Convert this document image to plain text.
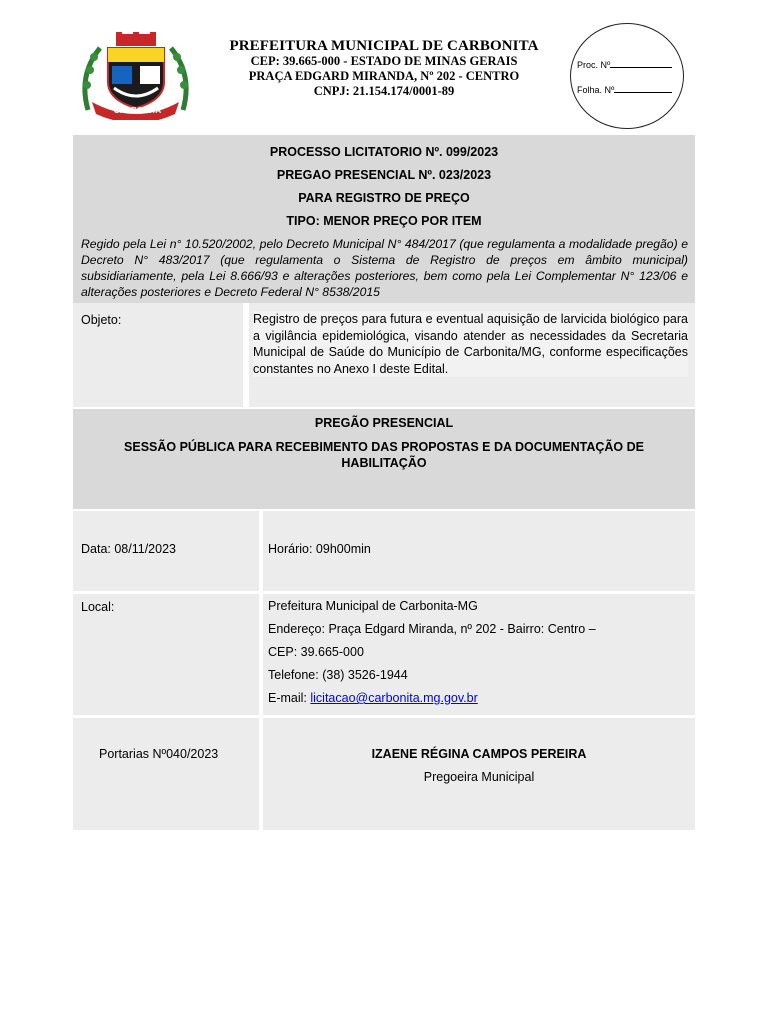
CARBONITA
PREFEITURA MUNICIPAL DE CARBONITA
CEP: 39.665-000 - ESTADO DE MINAS GERAIS
PRAÇA EDGARD MIRANDA, Nº 202 - CENTRO
CNPJ: 21.154.174/0001-89
Proc. Nº
Folha. Nº
PROCESSO LICITATORIO Nº. 099/2023
PREGAO PRESENCIAL Nº. 023/2023
PARA REGISTRO DE PREÇO
TIPO: MENOR PREÇO POR ITEM
Regido pela Lei n° 10.520/2002, pelo Decreto Municipal N° 484/2017 (que regulamenta a modalidade pregão) e Decreto N° 483/2017 (que regulamenta o Sistema de Registro de preços em âmbito municipal) subsidiariamente, pela Lei 8.666/93 e alterações posteriores, bem como pela Lei Complementar N° 123/06 e alterações posteriores e Decreto Federal N° 8538/2015
Objeto:	Registro de preços para futura e eventual aquisição de larvicida biológico para a vigilância epidemiológica, visando atender as necessidades da Secretaria Municipal de Saúde do Município de Carbonita/MG, conforme especificações constantes no Anexo I deste Edital.
PREGÃO PRESENCIAL
SESSÃO PÚBLICA PARA RECEBIMENTO DAS PROPOSTAS E DA DOCUMENTAÇÃO DE HABILITAÇÃO
Data: 08/11/2023	Horário: 09h00min
Local:	Prefeitura Municipal de Carbonita-MG
Endereço: Praça Edgard Miranda, nº 202 - Bairro: Centro –
CEP: 39.665-000
Telefone: (38) 3526-1944
E-mail: licitacao@carbonita.mg.gov.br
Portarias Nº040/2023	IZAENE RÉGINA CAMPOS PEREIRA
Pregoeira Municipal
